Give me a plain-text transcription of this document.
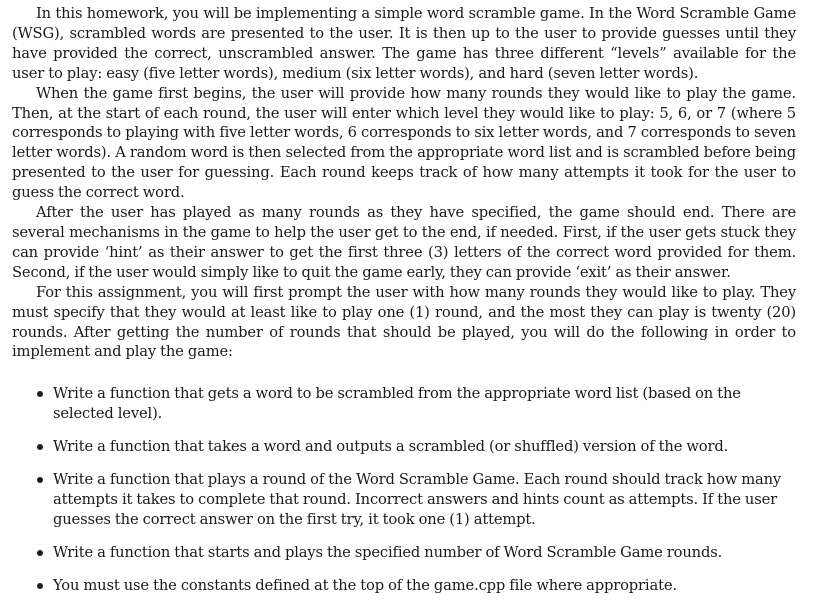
In this homework, you will be implementing a simple word scramble game. In the Word Scramble Game (WSG), scrambled words are presented to the user. It is then up to the user to provide guesses until they have provided the correct, unscrambled answer. The game has three different “levels” available for the user to play: easy (five letter words), medium (six letter words), and hard (seven letter words).

When the game first begins, the user will provide how many rounds they would like to play the game. Then, at the start of each round, the user will enter which level they would like to play: 5, 6, or 7 (where 5 corresponds to playing with five letter words, 6 corresponds to six letter words, and 7 corresponds to seven letter words). A random word is then selected from the appropriate word list and is scrambled before being presented to the user for guessing. Each round keeps track of how many attempts it took for the user to guess the correct word.

After the user has played as many rounds as they have specified, the game should end. There are several mechanisms in the game to help the user get to the end, if needed. First, if the user gets stuck they can provide ‘hint’ as their answer to get the first three (3) letters of the correct word provided for them. Second, if the user would simply like to quit the game early, they can provide ‘exit’ as their answer.

For this assignment, you will first prompt the user with how many rounds they would like to play. They must specify that they would at least like to play one (1) round, and the most they can play is twenty (20) rounds. After getting the number of rounds that should be played, you will do the following in order to implement and play the game:

Write a function that gets a word to be scrambled from the appropriate word list (based on the selected level).
Write a function that takes a word and outputs a scrambled (or shuffled) version of the word.
Write a function that plays a round of the Word Scramble Game. Each round should track how many attempts it takes to complete that round. Incorrect answers and hints count as attempts. If the user guesses the correct answer on the first try, it took one (1) attempt.
Write a function that starts and plays the specified number of Word Scramble Game rounds.
You must use the constants defined at the top of the game.cpp file where appropriate.
